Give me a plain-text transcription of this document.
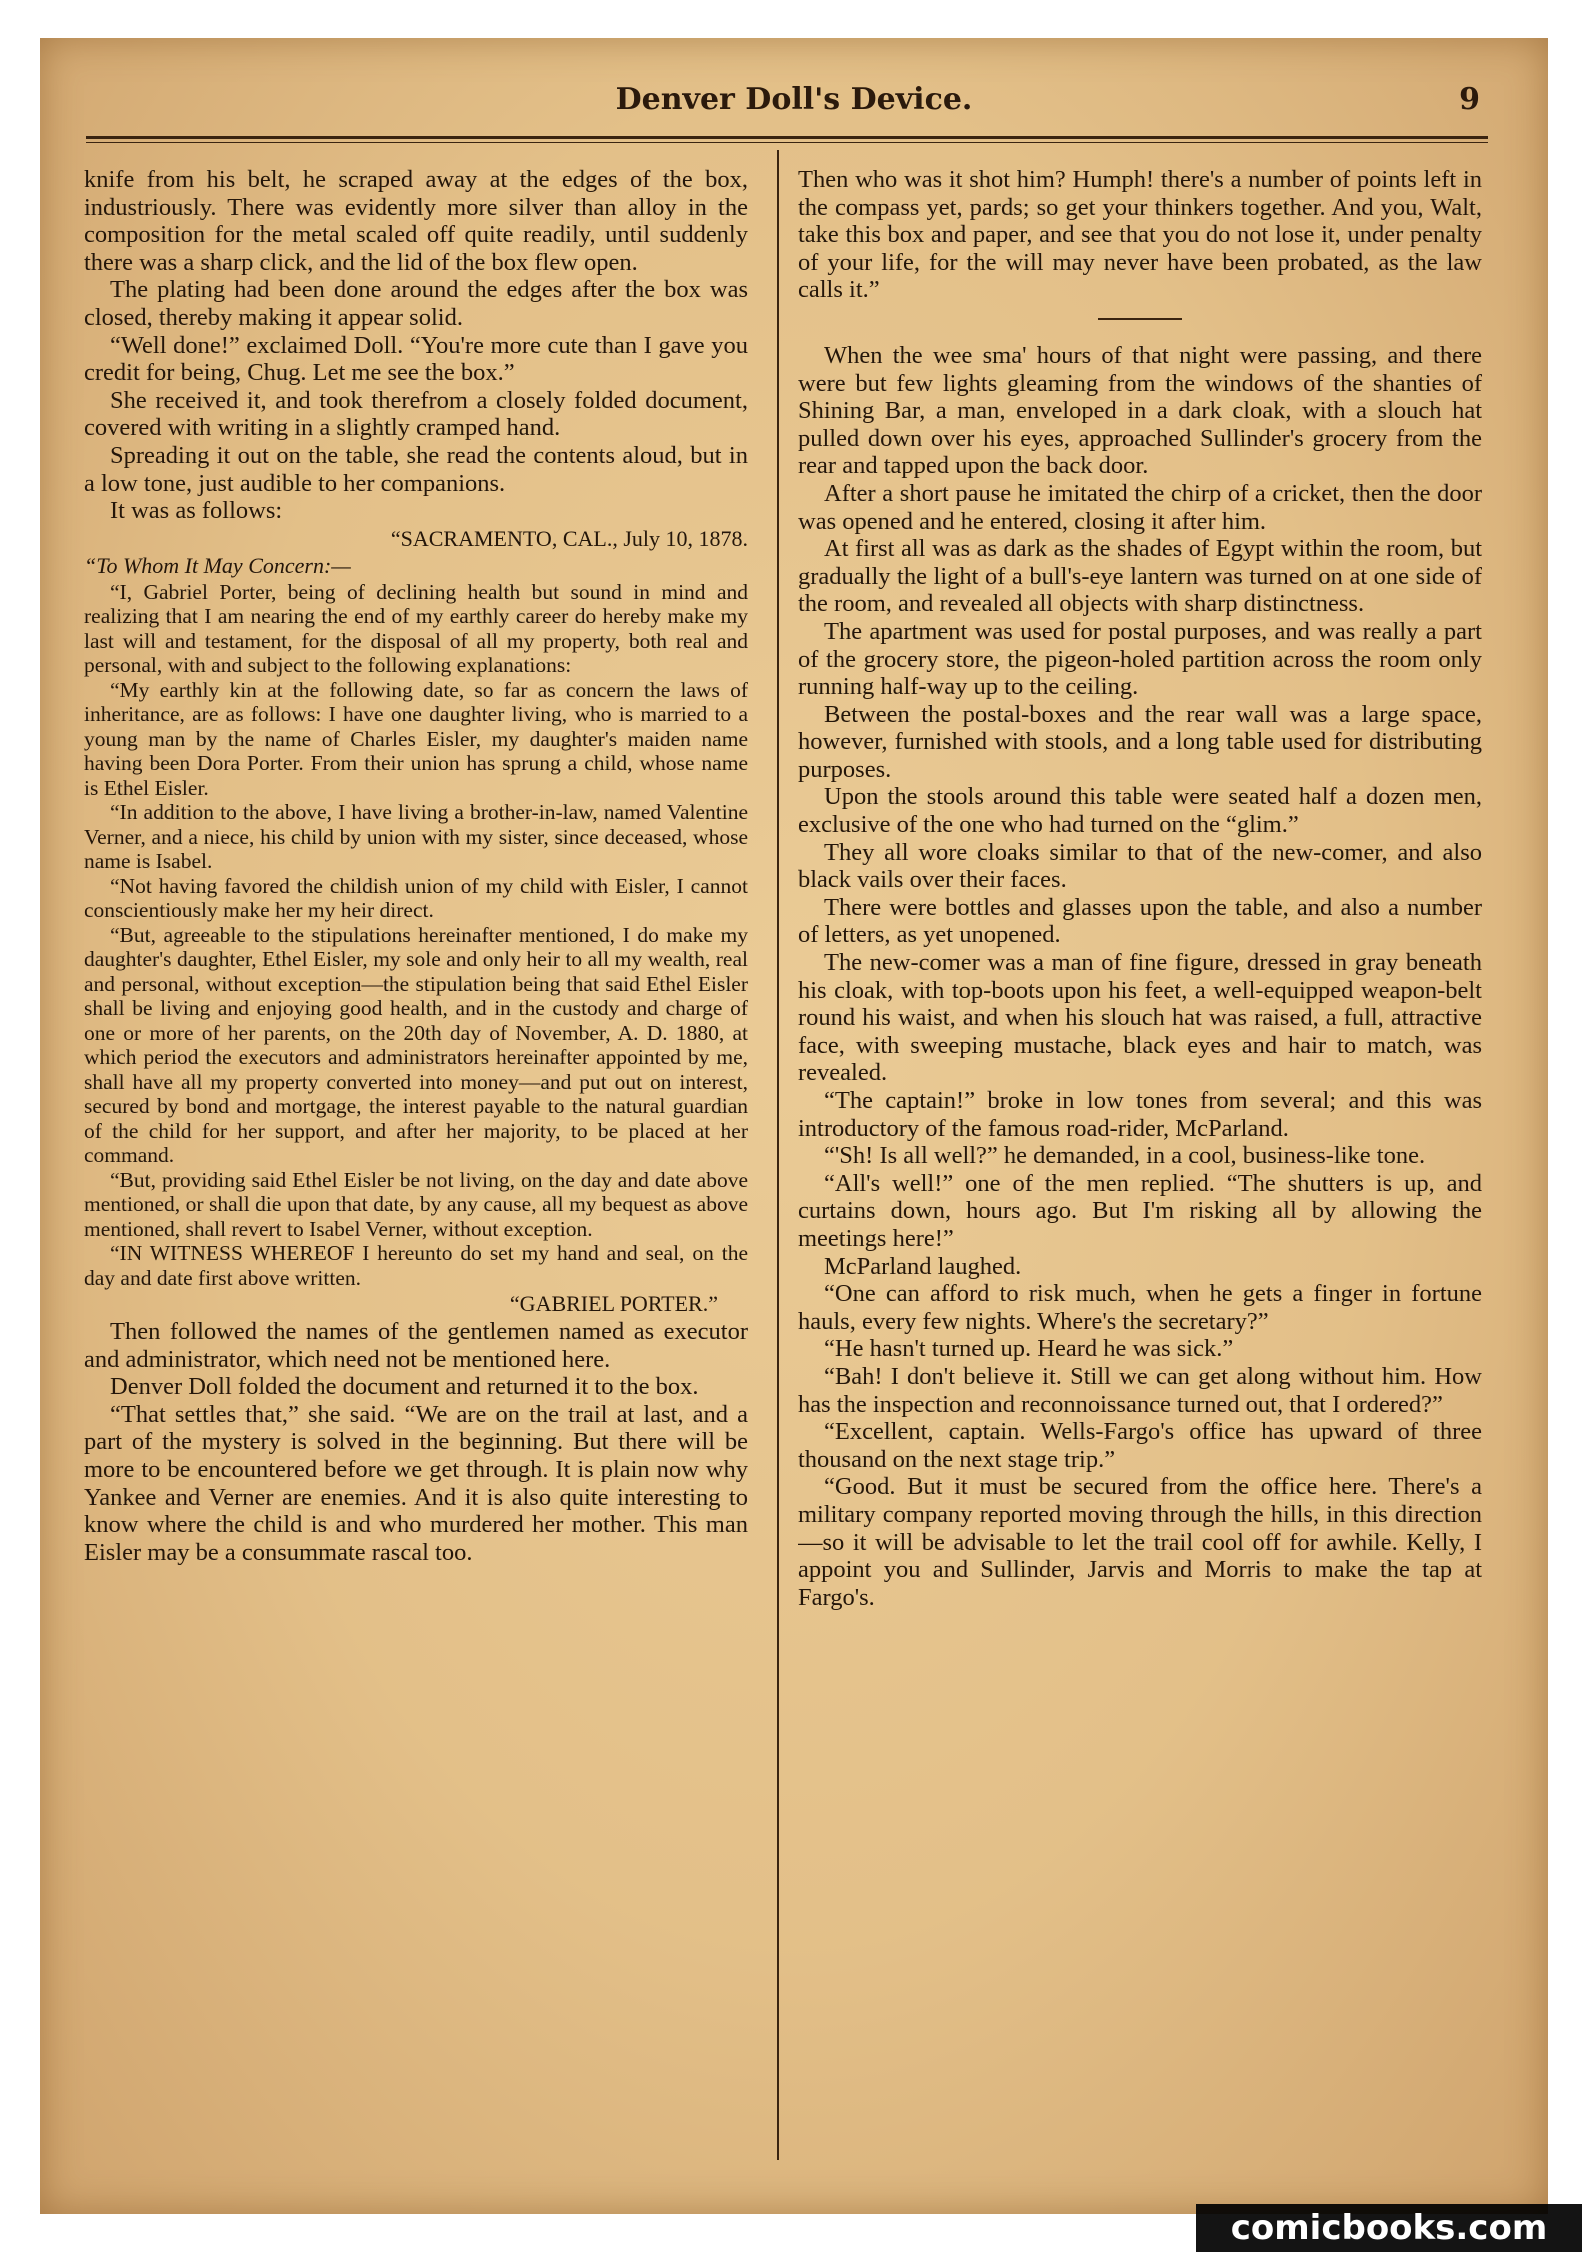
Denver Doll's Device.	9

knife from his belt, he scraped away at the edges of the box, industriously. There was evidently more silver than alloy in the composition for the metal scaled off quite readily, until suddenly there was a sharp click, and the lid of the box flew open.

The plating had been done around the edges after the box was closed, thereby making it appear solid.

“Well done!” exclaimed Doll. “You're more cute than I gave you credit for being, Chug. Let me see the box.”

She received it, and took therefrom a closely folded document, covered with writing in a slightly cramped hand.

Spreading it out on the table, she read the contents aloud, but in a low tone, just audible to her companions.

It was as follows:

“SACRAMENTO, CAL., July 10, 1878.

“To Whom It May Concern:—

“I, Gabriel Porter, being of declining health but sound in mind and realizing that I am nearing the end of my earthly career do hereby make my last will and testament, for the disposal of all my property, both real and personal, with and subject to the following explanations:

“My earthly kin at the following date, so far as concern the laws of inheritance, are as follows: I have one daughter living, who is married to a young man by the name of Charles Eisler, my daughter's maiden name having been Dora Porter. From their union has sprung a child, whose name is Ethel Eisler.

“In addition to the above, I have living a brother-in-law, named Valentine Verner, and a niece, his child by union with my sister, since deceased, whose name is Isabel.

“Not having favored the childish union of my child with Eisler, I cannot conscientiously make her my heir direct.

“But, agreeable to the stipulations hereinafter mentioned, I do make my daughter's daughter, Ethel Eisler, my sole and only heir to all my wealth, real and personal, without exception—the stipulation being that said Ethel Eisler shall be living and enjoying good health, and in the custody and charge of one or more of her parents, on the 20th day of November, A. D. 1880, at which period the executors and administrators hereinafter appointed by me, shall have all my property converted into money—and put out on interest, secured by bond and mortgage, the interest payable to the natural guardian of the child for her support, and after her majority, to be placed at her command.

“But, providing said Ethel Eisler be not living, on the day and date above mentioned, or shall die upon that date, by any cause, all my bequest as above mentioned, shall revert to Isabel Verner, without exception.

“IN WITNESS WHEREOF I hereunto do set my hand and seal, on the day and date first above written.

“GABRIEL PORTER.”

Then followed the names of the gentlemen named as executor and administrator, which need not be mentioned here.

Denver Doll folded the document and returned it to the box.

“That settles that,” she said. “We are on the trail at last, and a part of the mystery is solved in the beginning. But there will be more to be encountered before we get through. It is plain now why Yankee and Verner are enemies. And it is also quite interesting to know where the child is and who murdered her mother. This man Eisler may be a consummate rascal too.

Then who was it shot him? Humph! there's a number of points left in the compass yet, pards; so get your thinkers together. And you, Walt, take this box and paper, and see that you do not lose it, under penalty of your life, for the will may never have been probated, as the law calls it.”

When the wee sma' hours of that night were passing, and there were but few lights gleaming from the windows of the shanties of Shining Bar, a man, enveloped in a dark cloak, with a slouch hat pulled down over his eyes, approached Sullinder's grocery from the rear and tapped upon the back door.

After a short pause he imitated the chirp of a cricket, then the door was opened and he entered, closing it after him.

At first all was as dark as the shades of Egypt within the room, but gradually the light of a bull's-eye lantern was turned on at one side of the room, and revealed all objects with sharp distinctness.

The apartment was used for postal purposes, and was really a part of the grocery store, the pigeon-holed partition across the room only running half-way up to the ceiling.

Between the postal-boxes and the rear wall was a large space, however, furnished with stools, and a long table used for distributing purposes.

Upon the stools around this table were seated half a dozen men, exclusive of the one who had turned on the “glim.”

They all wore cloaks similar to that of the new-comer, and also black vails over their faces.

There were bottles and glasses upon the table, and also a number of letters, as yet unopened.

The new-comer was a man of fine figure, dressed in gray beneath his cloak, with top-boots upon his feet, a well-equipped weapon-belt round his waist, and when his slouch hat was raised, a full, attractive face, with sweeping mustache, black eyes and hair to match, was revealed.

“The captain!” broke in low tones from several; and this was introductory of the famous road-rider, McParland.

“'Sh! Is all well?” he demanded, in a cool, business-like tone.

“All's well!” one of the men replied. “The shutters is up, and curtains down, hours ago. But I'm risking all by allowing the meetings here!”

McParland laughed.

“One can afford to risk much, when he gets a finger in fortune hauls, every few nights. Where's the secretary?”

“He hasn't turned up. Heard he was sick.”

“Bah! I don't believe it. Still we can get along without him. How has the inspection and reconnoissance turned out, that I ordered?”

“Excellent, captain. Wells-Fargo's office has upward of three thousand on the next stage trip.”

“Good. But it must be secured from the office here. There's a military company reported moving through the hills, in this direction—so it will be advisable to let the trail cool off for awhile. Kelly, I appoint you and Sullinder, Jarvis and Morris to make the tap at Fargo's.

comicbooks.com
